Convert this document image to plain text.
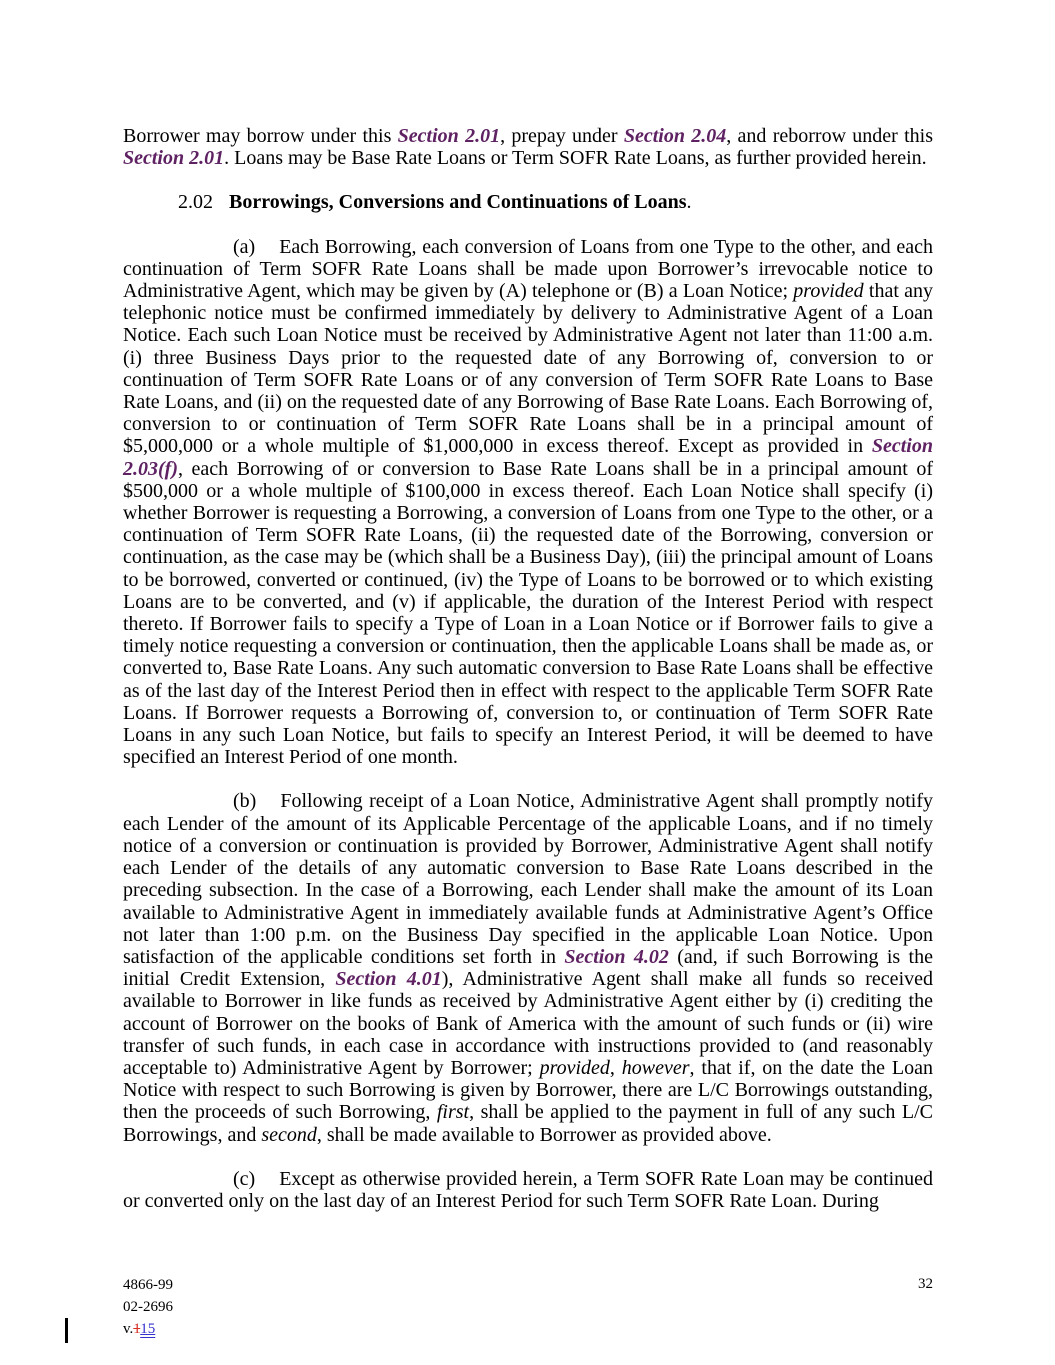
Borrower may borrow under this Section 2.01, prepay under Section 2.04, and reborrow under this Section 2.01. Loans may be Base Rate Loans or Term SOFR Rate Loans, as further provided herein.

2.02 Borrowings, Conversions and Continuations of Loans.

(a) Each Borrowing, each conversion of Loans from one Type to the other, and each continuation of Term SOFR Rate Loans shall be made upon Borrower’s irrevocable notice to Administrative Agent, which may be given by (A) telephone or (B) a Loan Notice; provided that any telephonic notice must be confirmed immediately by delivery to Administrative Agent of a Loan Notice. Each such Loan Notice must be received by Administrative Agent not later than 11:00 a.m. (i) three Business Days prior to the requested date of any Borrowing of, conversion to or continuation of Term SOFR Rate Loans or of any conversion of Term SOFR Rate Loans to Base Rate Loans, and (ii) on the requested date of any Borrowing of Base Rate Loans. Each Borrowing of, conversion to or continuation of Term SOFR Rate Loans shall be in a principal amount of $5,000,000 or a whole multiple of $1,000,000 in excess thereof. Except as provided in Section 2.03(f), each Borrowing of or conversion to Base Rate Loans shall be in a principal amount of $500,000 or a whole multiple of $100,000 in excess thereof. Each Loan Notice shall specify (i) whether Borrower is requesting a Borrowing, a conversion of Loans from one Type to the other, or a continuation of Term SOFR Rate Loans, (ii) the requested date of the Borrowing, conversion or continuation, as the case may be (which shall be a Business Day), (iii) the principal amount of Loans to be borrowed, converted or continued, (iv) the Type of Loans to be borrowed or to which existing Loans are to be converted, and (v) if applicable, the duration of the Interest Period with respect thereto. If Borrower fails to specify a Type of Loan in a Loan Notice or if Borrower fails to give a timely notice requesting a conversion or continuation, then the applicable Loans shall be made as, or converted to, Base Rate Loans. Any such automatic conversion to Base Rate Loans shall be effective as of the last day of the Interest Period then in effect with respect to the applicable Term SOFR Rate Loans. If Borrower requests a Borrowing of, conversion to, or continuation of Term SOFR Rate Loans in any such Loan Notice, but fails to specify an Interest Period, it will be deemed to have specified an Interest Period of one month.

(b) Following receipt of a Loan Notice, Administrative Agent shall promptly notify each Lender of the amount of its Applicable Percentage of the applicable Loans, and if no timely notice of a conversion or continuation is provided by Borrower, Administrative Agent shall notify each Lender of the details of any automatic conversion to Base Rate Loans described in the preceding subsection. In the case of a Borrowing, each Lender shall make the amount of its Loan available to Administrative Agent in immediately available funds at Administrative Agent’s Office not later than 1:00 p.m. on the Business Day specified in the applicable Loan Notice. Upon satisfaction of the applicable conditions set forth in Section 4.02 (and, if such Borrowing is the initial Credit Extension, Section 4.01), Administrative Agent shall make all funds so received available to Borrower in like funds as received by Administrative Agent either by (i) crediting the account of Borrower on the books of Bank of America with the amount of such funds or (ii) wire transfer of such funds, in each case in accordance with instructions provided to (and reasonably acceptable to) Administrative Agent by Borrower; provided, however, that if, on the date the Loan Notice with respect to such Borrowing is given by Borrower, there are L/C Borrowings outstanding, then the proceeds of such Borrowing, first, shall be applied to the payment in full of any such L/C Borrowings, and second, shall be made available to Borrower as provided above.

(c) Except as otherwise provided herein, a Term SOFR Rate Loan may be continued or converted only on the last day of an Interest Period for such Term SOFR Rate Loan. During

4866-99
02-2696
v.115
32
